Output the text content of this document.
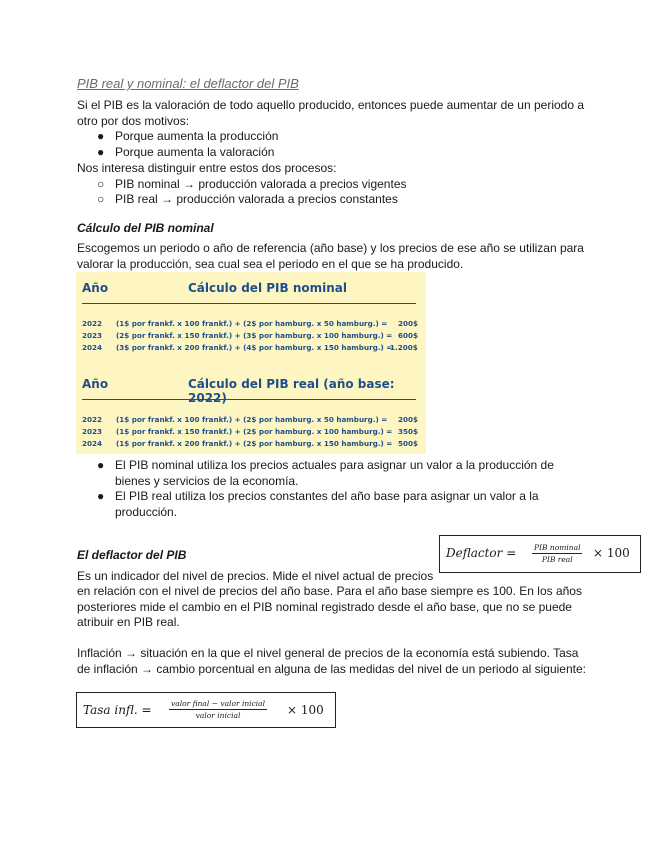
PIB real y nominal: el deflactor del PIB
Si el PIB es la valoración de todo aquello producido, entonces puede aumentar de un periodo a
otro por dos motivos:
● Porque aumenta la producción
● Porque aumenta la valoración
Nos interesa distinguir entre estos dos procesos:
○ PIB nominal → producción valorada a precios vigentes
○ PIB real → producción valorada a precios constantes
Cálculo del PIB nominal
Escogemos un periodo o año de referencia (año base) y los precios de ese año se utilizan para
valorar la producción, sea cual sea el periodo en el que se ha producido.
Año	Cálculo del PIB nominal
2022 (1$ por frankf. x 100 frankf.) + (2$ por hamburg. x 50 hamburg.) = 200$
2023 (2$ por frankf. x 150 frankf.) + (3$ por hamburg. x 100 hamburg.) = 600$
2024 (3$ por frankf. x 200 frankf.) + (4$ por hamburg. x 150 hamburg.) =
1.200$
Año	Cálculo del PIB real (año base: 2022)
2022 (1$ por frankf. x 100 frankf.) + (2$ por hamburg. x 50 hamburg.) = 200$
2023 (1$ por frankf. x 150 frankf.) + (2$ por hamburg. x 100 hamburg.) = 350$
2024 (1$ por frankf. x 200 frankf.) + (2$ por hamburg. x 150 hamburg.) = 500$
● El PIB nominal utiliza los precios actuales para asignar un valor a la producción de
bienes y servicios de la economía.
● El PIB real utiliza los precios constantes del año base para asignar un valor a la
producción.
El deflactor del PIB	Deflactor = PIB nominal
PIB real	× 100
Es un indicador del nivel de precios. Mide el nivel actual de precios
en relación con el nivel de precios del año base. Para el año base siempre es 100. En los años
posteriores mide el cambio en el PIB nominal registrado desde el año base, que no se puede
atribuir en PIB real.
Inflación → situación en la que el nivel general de precios de la economía está subiendo. Tasa
de inflación → cambio porcentual en alguna de las medidas del nivel de un periodo al siguiente:
Tasa infl. =	valor final − valor inicial
valor inicial	× 100
